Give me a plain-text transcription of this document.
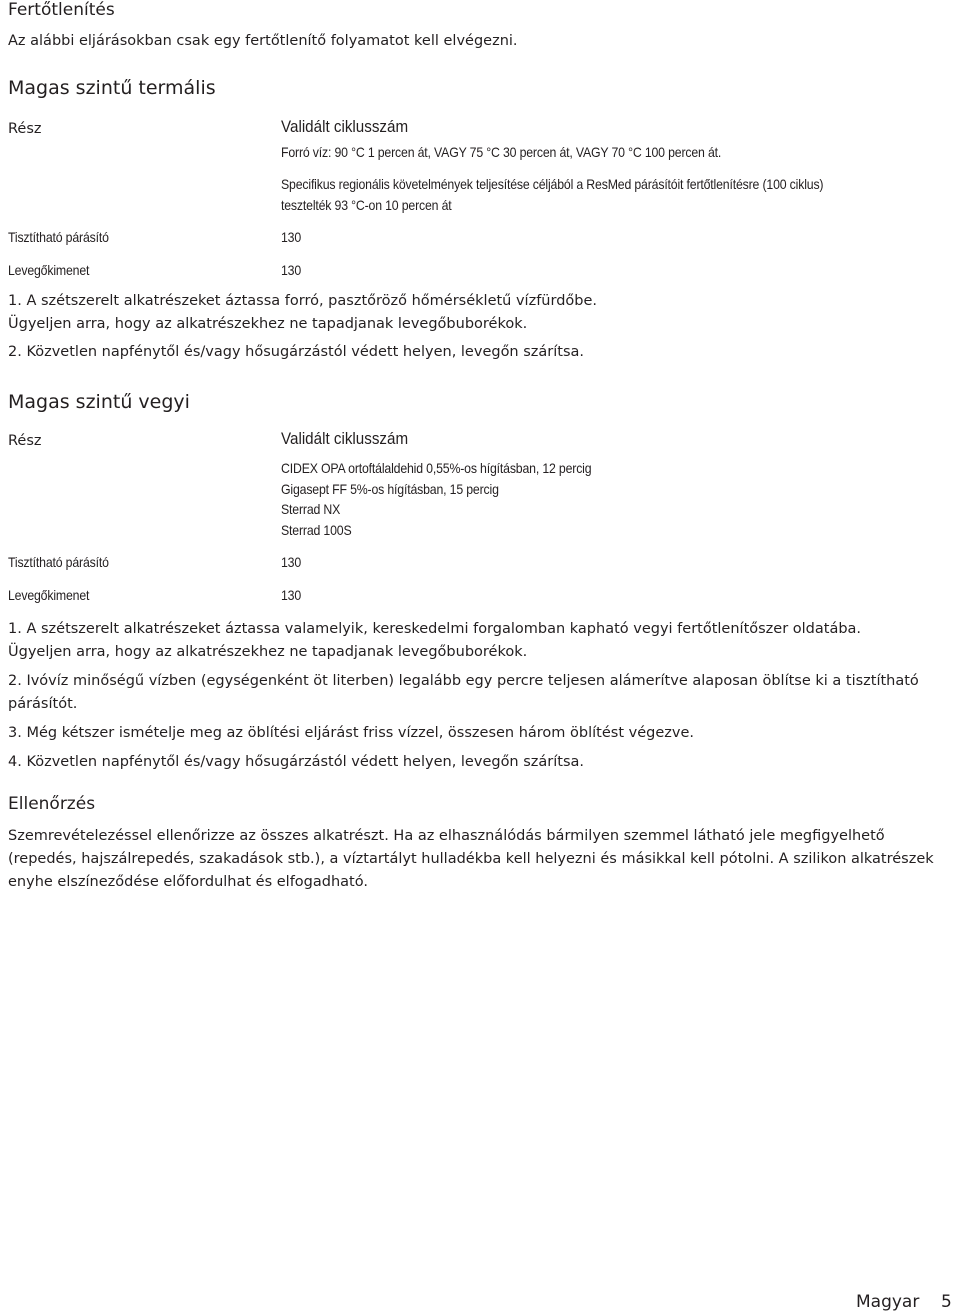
Fertőtlenítés
Az alábbi eljárásokban csak egy fertőtlenítő folyamatot kell elvégezni.
Magas szintű termális
Rész	Validált ciklusszám
Forró víz: 90 °C 1 percen át, VAGY 75 °C 30 percen át, VAGY 70 °C 100 percen át.
Specifikus regionális követelmények teljesítése céljából a ResMed párásítóit fertőtlenítésre (100 ciklus)
tesztelték 93 °C-on 10 percen át
Tisztítható párásító	130
Levegőkimenet	130
1. A szétszerelt alkatrészeket áztassa forró, pasztőröző hőmérsékletű vízfürdőbe.
Ügyeljen arra, hogy az alkatrészekhez ne tapadjanak levegőbuborékok.
2. Közvetlen napfénytől és/vagy hősugárzástól védett helyen, levegőn szárítsa.
Magas szintű vegyi
Rész	Validált ciklusszám
CIDEX OPA ortoftálaldehid 0,55%-os hígításban, 12 percig
Gigasept FF 5%-os hígításban, 15 percig
Sterrad NX
Sterrad 100S
Tisztítható párásító	130
Levegőkimenet	130
1. A szétszerelt alkatrészeket áztassa valamelyik, kereskedelmi forgalomban kapható vegyi fertőtlenítőszer oldatába.
Ügyeljen arra, hogy az alkatrészekhez ne tapadjanak levegőbuborékok.
2. Ivóvíz minőségű vízben (egységenként öt literben) legalább egy percre teljesen alámerítve alaposan öblítse ki a tisztítható
párásítót.
3. Még kétszer ismételje meg az öblítési eljárást friss vízzel, összesen három öblítést végezve.
4. Közvetlen napfénytől és/vagy hősugárzástól védett helyen, levegőn szárítsa.
Ellenőrzés
Szemrevételezéssel ellenőrizze az összes alkatrészt. Ha az elhasználódás bármilyen szemmel látható jele megfigyelhető
(repedés, hajszálrepedés, szakadások stb.), a víztartályt hulladékba kell helyezni és másikkal kell pótolni. A szilikon alkatrészek
enyhe elszíneződése előfordulhat és elfogadható.
Magyar 5
